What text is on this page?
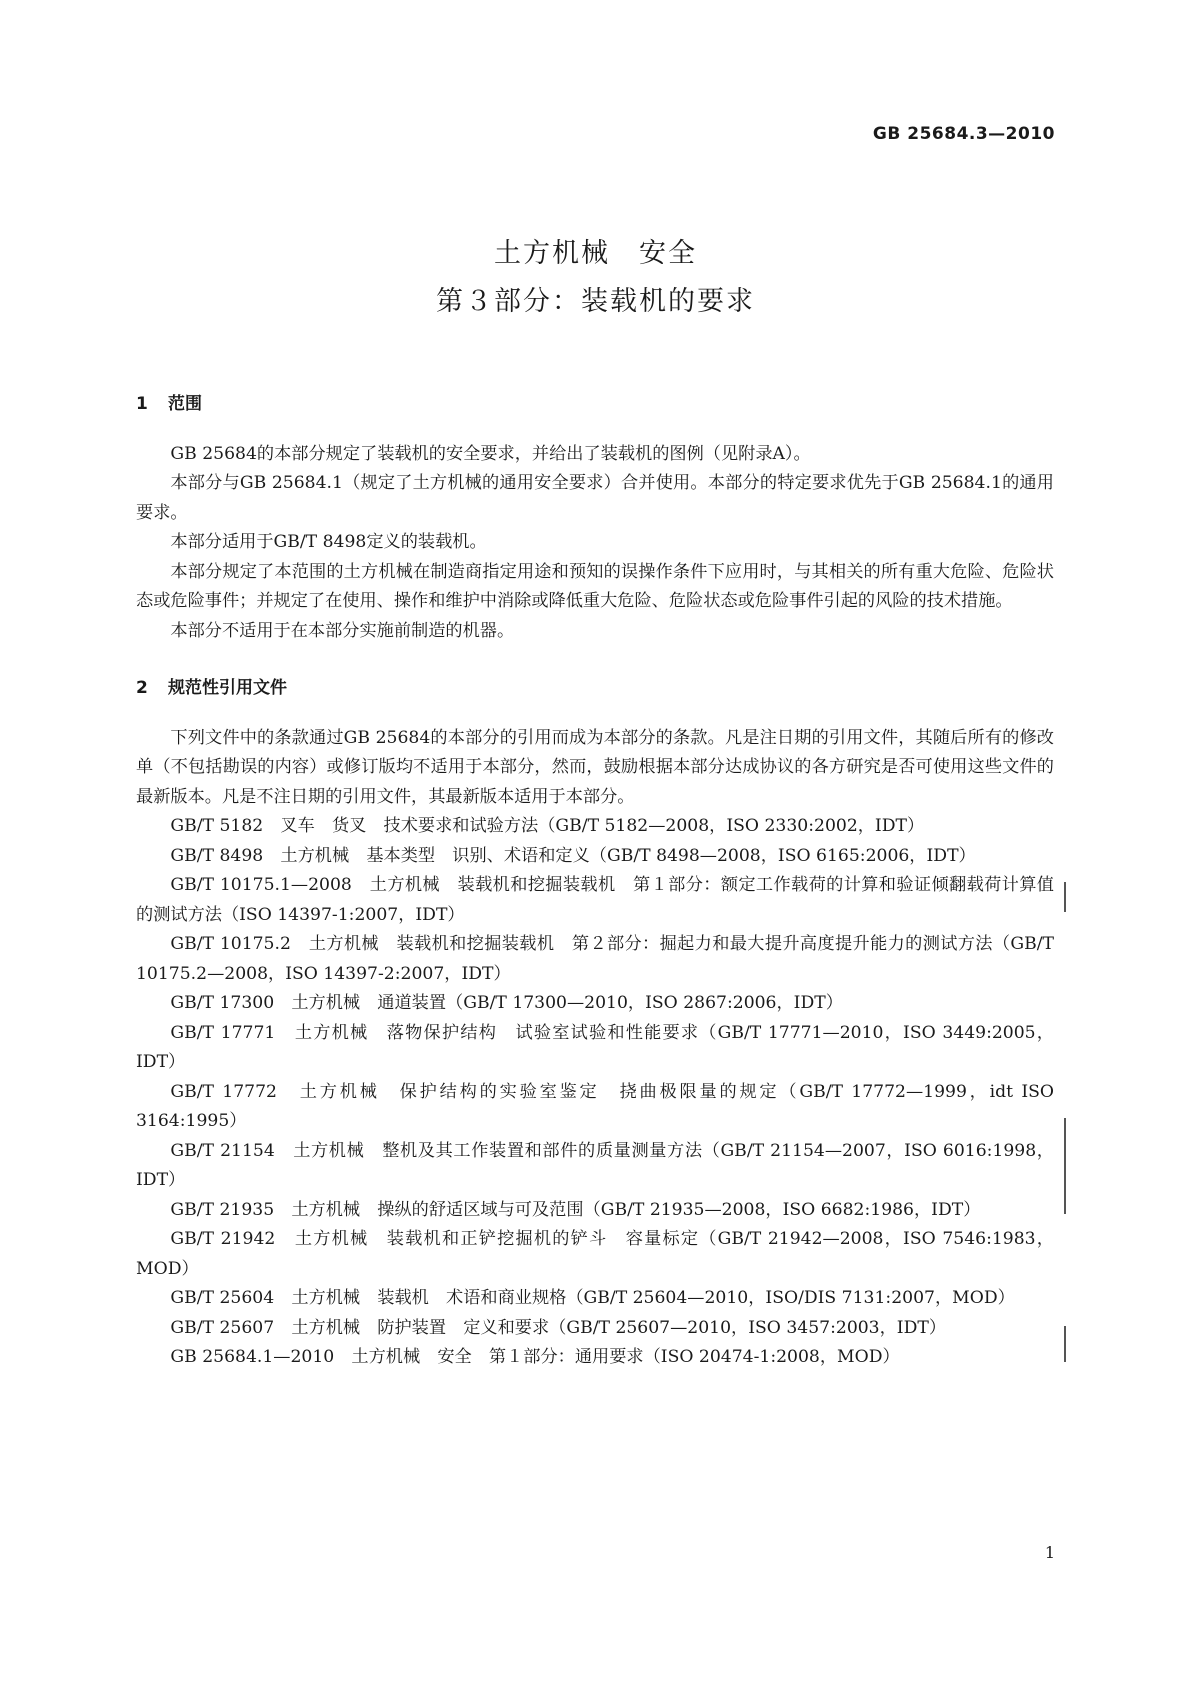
GB 25684.3—2010
土方机械　安全
第３部分：装载机的要求
1 范围

GB 25684的本部分规定了装载机的安全要求，并给出了装载机的图例（见附录A）。

本部分与GB 25684.1（规定了土方机械的通用安全要求）合并使用。本部分的特定要求优先于GB 25684.1的通用要求。

本部分适用于GB/T 8498定义的装载机。

本部分规定了本范围的土方机械在制造商指定用途和预知的误操作条件下应用时，与其相关的所有重大危险、危险状态或危险事件；并规定了在使用、操作和维护中消除或降低重大危险、危险状态或危险事件引起的风险的技术措施。

本部分不适用于在本部分实施前制造的机器。

2 规范性引用文件

下列文件中的条款通过GB 25684的本部分的引用而成为本部分的条款。凡是注日期的引用文件，其随后所有的修改单（不包括勘误的内容）或修订版均不适用于本部分，然而，鼓励根据本部分达成协议的各方研究是否可使用这些文件的最新版本。凡是不注日期的引用文件，其最新版本适用于本部分。

GB/T 5182　 叉车　货叉　技术要求和试验方法（GB/T 5182—2008，ISO 2330:2002，IDT）

GB/T 8498　 土方机械　基本类型　识别、术语和定义（GB/T 8498—2008，ISO 6165:2006，IDT）

GB/T 10175.1—2008　 土方机械　装载机和挖掘装载机　第１部分：额定工作载荷的计算和验证倾翻载荷计算值的测试方法（ISO 14397-1:2007，IDT）

GB/T 10175.2　 土方机械　装载机和挖掘装载机　第２部分：掘起力和最大提升高度提升能力的测试方法（GB/T 10175.2—2008，ISO 14397-2:2007，IDT）

GB/T 17300　 土方机械　通道装置（GB/T 17300—2010，ISO 2867:2006，IDT）

GB/T 17771　 土方机械　落物保护结构　试验室试验和性能要求（GB/T 17771—2010，ISO 3449:2005，IDT）

GB/T 17772　 土方机械　保护结构的实验室鉴定　挠曲极限量的规定（GB/T 17772—1999，idt ISO 3164:1995）

GB/T 21154　 土方机械　整机及其工作装置和部件的质量测量方法（GB/T 21154—2007，ISO 6016:1998，IDT）

GB/T 21935　 土方机械　操纵的舒适区域与可及范围（GB/T 21935—2008，ISO 6682:1986，IDT）

GB/T 21942　 土方机械　装载机和正铲挖掘机的铲斗　容量标定（GB/T 21942—2008，ISO 7546:1983，MOD）

GB/T 25604　 土方机械　装载机　术语和商业规格（GB/T 25604—2010，ISO/DIS 7131:2007，MOD）

GB/T 25607　 土方机械　防护装置　定义和要求（GB/T 25607—2010，ISO 3457:2003，IDT）

GB 25684.1—2010　 土方机械　安全　第１部分：通用要求（ISO 20474-1:2008，MOD）

1
